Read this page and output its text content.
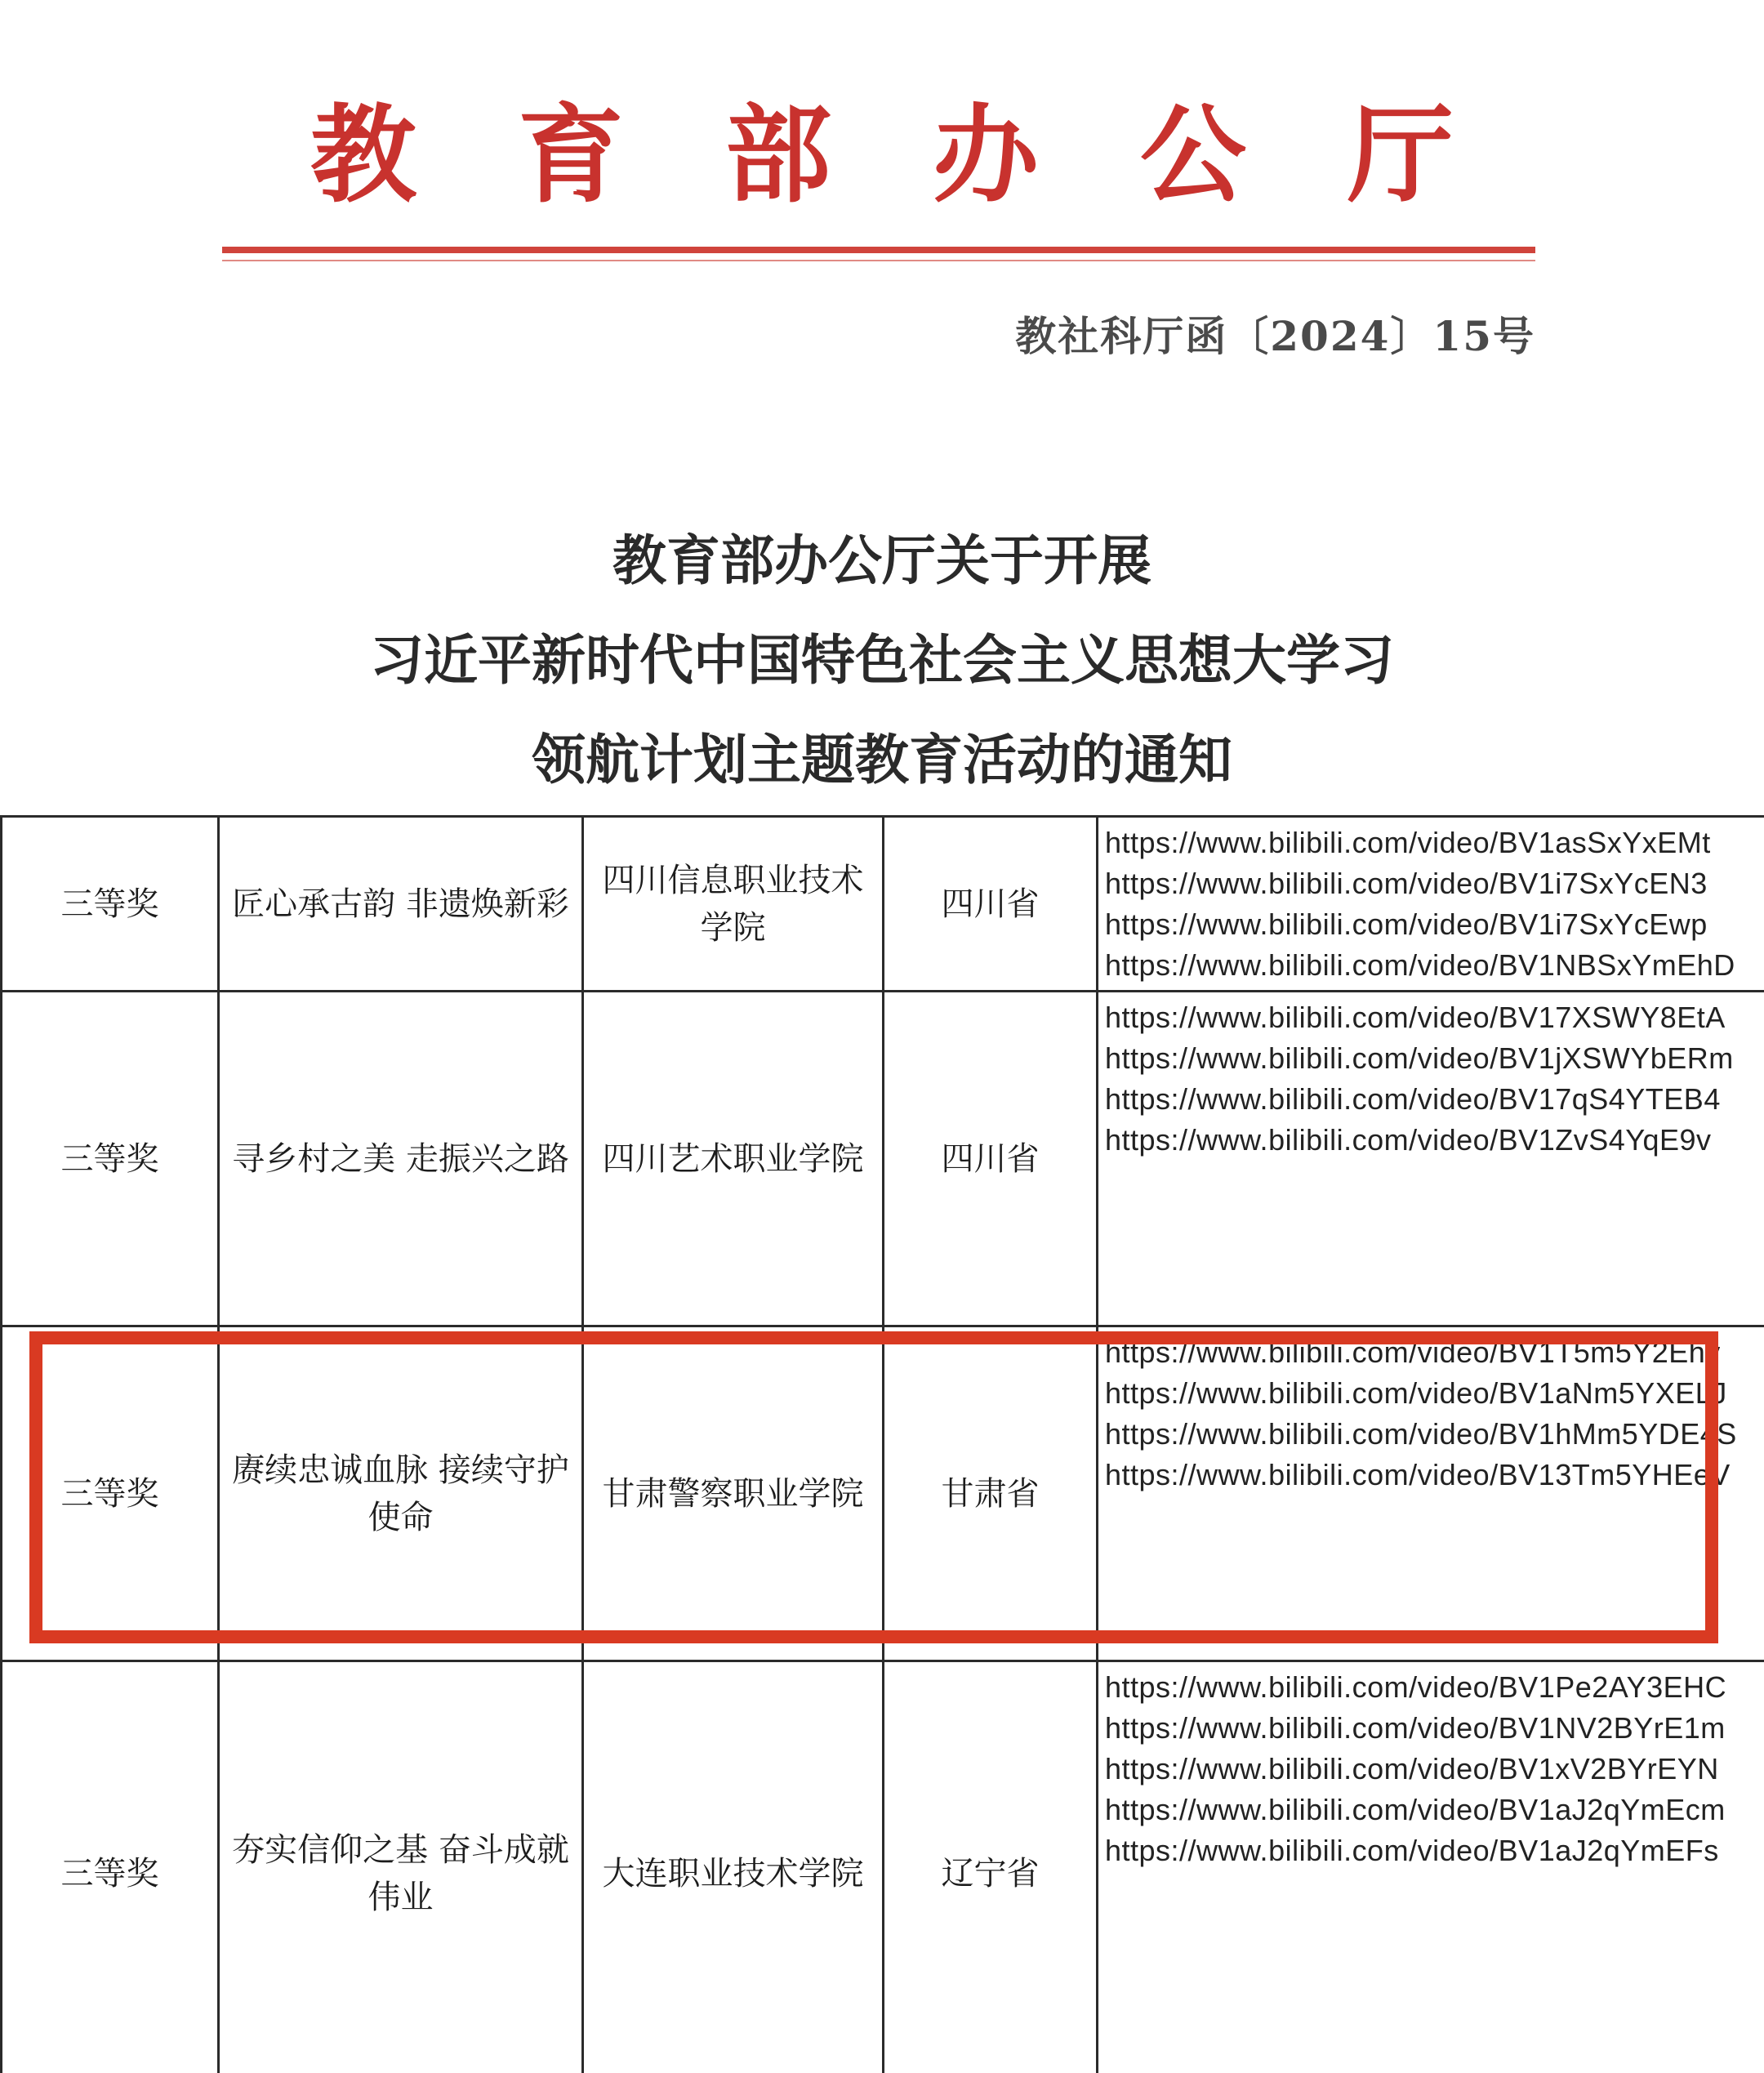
教 育 部 办 公 厅
教社科厅函〔2024〕15号
教育部办公厅关于开展
习近平新时代中国特色社会主义思想大学习
领航计划主题教育活动的通知
三等奖	匠心承古韵 非遗焕新彩	四川信息职业技术学院	四川省	https://www.bilibili.com/video/BV1asSxYxEMt
https://www.bilibili.com/video/BV1i7SxYcEN3
https://www.bilibili.com/video/BV1i7SxYcEwp
https://www.bilibili.com/video/BV1NBSxYmEhD

三等奖	寻乡村之美 走振兴之路	四川艺术职业学院	四川省	https://www.bilibili.com/video/BV17XSWY8EtA
https://www.bilibili.com/video/BV1jXSWYbERm
https://www.bilibili.com/video/BV17qS4YTEB4
https://www.bilibili.com/video/BV1ZvS4YqE9v

三等奖	赓续忠诚血脉 接续守护使命	甘肃警察职业学院	甘肃省	https://www.bilibili.com/video/BV1T5m5Y2Ehv
https://www.bilibili.com/video/BV1aNm5YXELJ
https://www.bilibili.com/video/BV1hMm5YDE4S
https://www.bilibili.com/video/BV13Tm5YHEeV

三等奖	夯实信仰之基 奋斗成就伟业	大连职业技术学院	辽宁省	https://www.bilibili.com/video/BV1Pe2AY3EHC
https://www.bilibili.com/video/BV1NV2BYrE1m
https://www.bilibili.com/video/BV1xV2BYrEYN
https://www.bilibili.com/video/BV1aJ2qYmEcm
https://www.bilibili.com/video/BV1aJ2qYmEFs
